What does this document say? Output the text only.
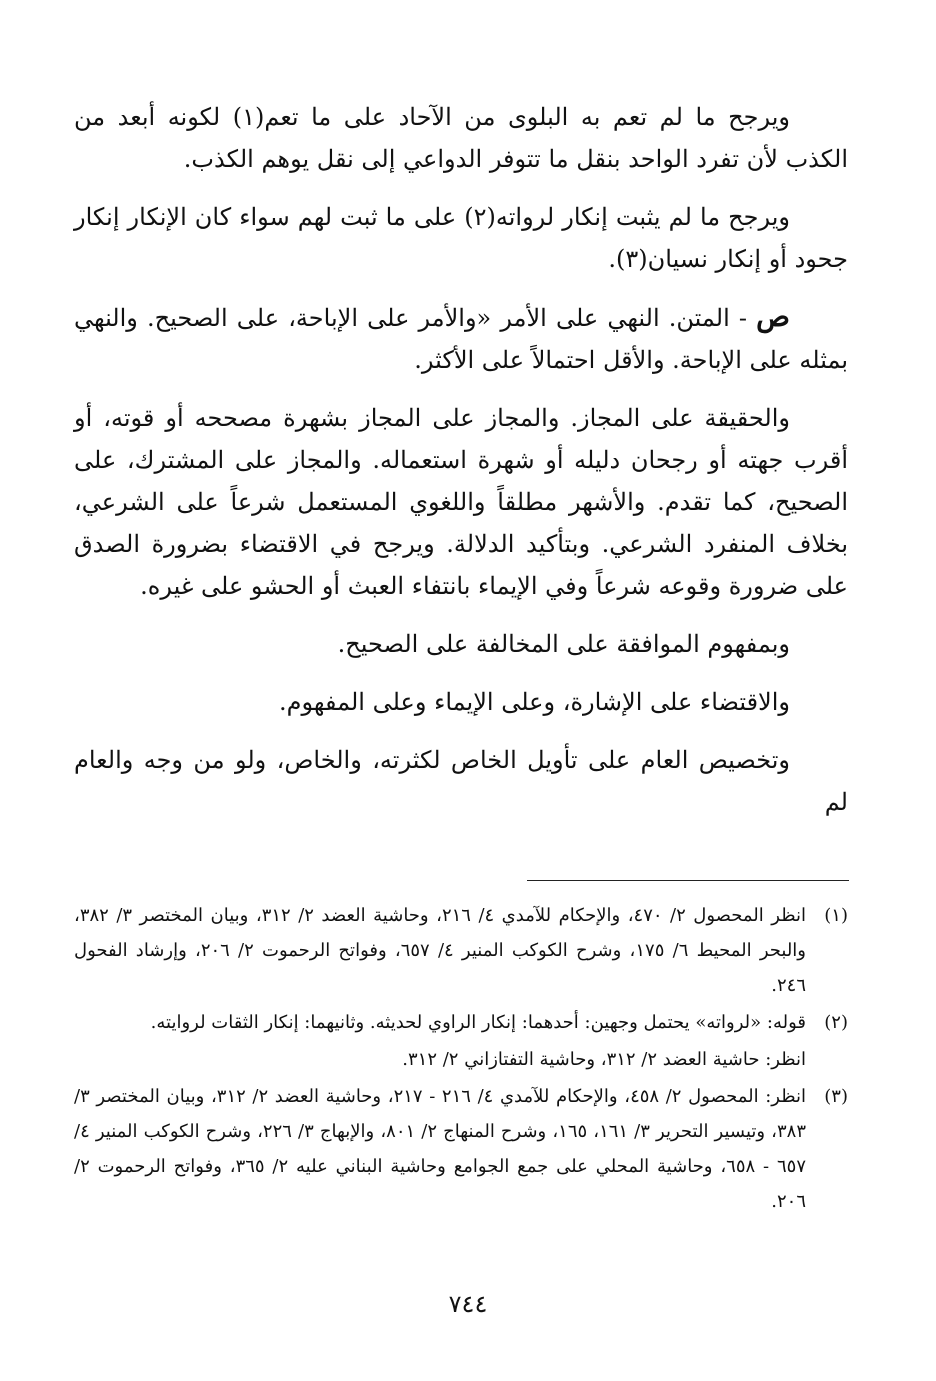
ويرجح ما لم تعم به البلوى من الآحاد على ما تعم(١) لكونه أبعد من الكذب لأن تفرد الواحد بنقل ما تتوفر الدواعي إلى نقل يوهم الكذب.

ويرجح ما لم يثبت إنكار لرواته(٢) على ما ثبت لهم سواء كان الإنكار إنكار جحود أو إنكار نسيان(٣).

ص - المتن. النهي على الأمر «والأمر على الإباحة، على الصحيح. والنهي بمثله على الإباحة. والأقل احتمالاً على الأكثر.

والحقيقة على المجاز. والمجاز على المجاز بشهرة مصححه أو قوته، أو أقرب جهته أو رجحان دليله أو شهرة استعماله. والمجاز على المشترك، على الصحيح، كما تقدم. والأشهر مطلقاً واللغوي المستعمل شرعاً على الشرعي، بخلاف المنفرد الشرعي. وبتأكيد الدلالة. ويرجح في الاقتضاء بضرورة الصدق على ضرورة وقوعه شرعاً وفي الإيماء بانتفاء العبث أو الحشو على غيره.

وبمفهوم الموافقة على المخالفة على الصحيح.

والاقتضاء على الإشارة، وعلى الإيماء وعلى المفهوم.

وتخصيص العام على تأويل الخاص لكثرته، والخاص، ولو من وجه والعام لم

(١)

انظر المحصول ٢/ ٤٧٠، والإحكام للآمدي ٤/ ٢١٦، وحاشية العضد ٢/ ٣١٢، وبيان المختصر ٣/ ٣٨٢، والبحر المحيط ٦/ ١٧٥، وشرح الكوكب المنير ٤/ ٦٥٧، وفواتح الرحموت ٢/ ٢٠٦، وإرشاد الفحول ٢٤٦.

(٢)

قوله: «لرواته» يحتمل وجهين: أحدهما: إنكار الراوي لحديثه. وثانيهما: إنكار الثقات لروايته.

انظر: حاشية العضد ٢/ ٣١٢، وحاشية التفتازاني ٢/ ٣١٢.

(٣)

انظر: المحصول ٢/ ٤٥٨، والإحكام للآمدي ٤/ ٢١٦ - ٢١٧، وحاشية العضد ٢/ ٣١٢، وبيان المختصر ٣/ ٣٨٣، وتيسير التحرير ٣/ ١٦١، ١٦٥، وشرح المنهاج ٢/ ٨٠١، والإبهاج ٣/ ٢٢٦، وشرح الكوكب المنير ٤/ ٦٥٧ - ٦٥٨، وحاشية المحلي على جمع الجوامع وحاشية البناني عليه ٢/ ٣٦٥، وفواتح الرحموت ٢/ ٢٠٦.

٧٤٤
